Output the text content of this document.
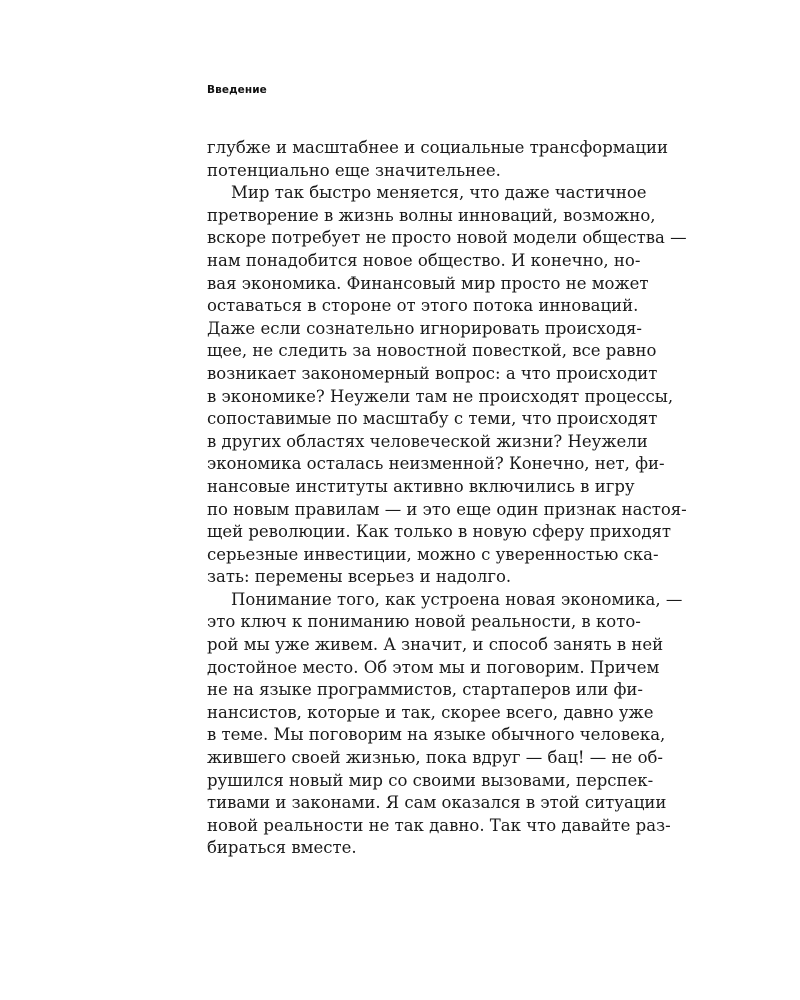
Введение
глубже и масштабнее и социальные трансформации
потенциально еще значительнее.
Мир так быстро меняется, что даже частичное
претворение в жизнь волны инноваций, возможно,
вскоре потребует не просто новой модели общества —
нам понадобится новое общество. И конечно, но-
вая экономика. Финансовый мир просто не может
оставаться в стороне от этого потока инноваций.
Даже если сознательно игнорировать происходя-
щее, не следить за новостной повесткой, все равно
возникает закономерный вопрос: а что происходит
в экономике? Неужели там не происходят процессы,
сопоставимые по масштабу с теми, что происходят
в других областях человеческой жизни? Неужели
экономика осталась неизменной? Конечно, нет, фи-
нансовые институты активно включились в игру
по новым правилам — и это еще один признак настоя-
щей революции. Как только в новую сферу приходят
серьезные инвестиции, можно с уверенностью ска-
зать: перемены всерьез и надолго.
Понимание того, как устроена новая экономика, —
это ключ к пониманию новой реальности, в кото-
рой мы уже живем. А значит, и способ занять в ней
достойное место. Об этом мы и поговорим. Причем
не на языке программистов, стартаперов или фи-
нансистов, которые и так, скорее всего, давно уже
в теме. Мы поговорим на языке обычного человека,
жившего своей жизнью, пока вдруг — бац! — не об-
рушился новый мир со своими вызовами, перспек-
тивами и законами. Я сам оказался в этой ситуации
новой реальности не так давно. Так что давайте раз-
бираться вместе.
